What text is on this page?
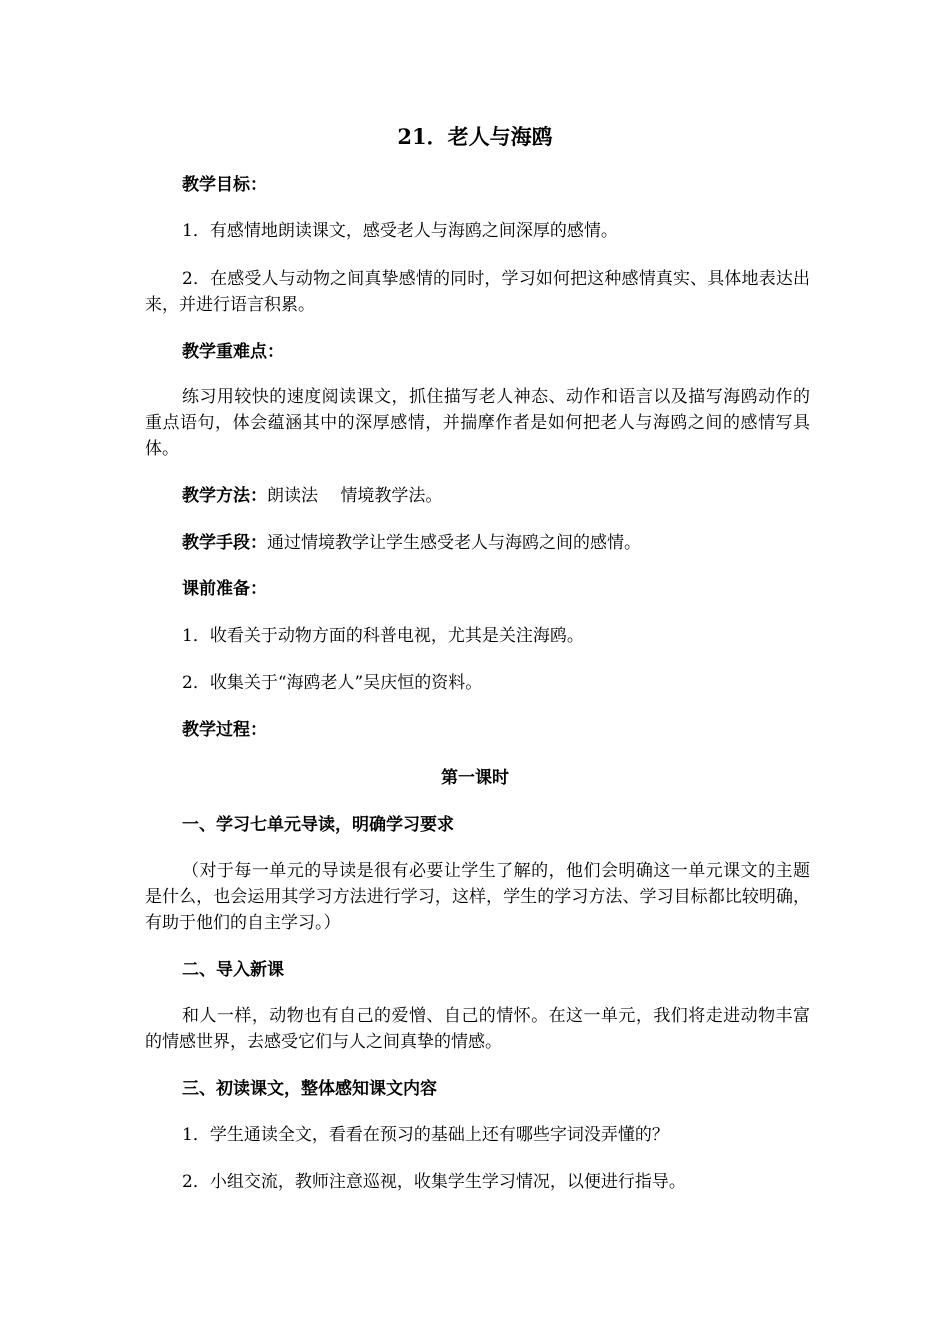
21．老人与海鸥
教学目标：
1．有感情地朗读课文，感受老人与海鸥之间深厚的感情。
2．在感受人与动物之间真挚感情的同时，学习如何把这种感情真实、具体地表达出来，并进行语言积累。
教学重难点：
练习用较快的速度阅读课文，抓住描写老人神态、动作和语言以及描写海鸥动作的重点语句，体会蕴涵其中的深厚感情，并揣摩作者是如何把老人与海鸥之间的感情写具体。
教学方法：朗读法　 情境教学法。
教学手段：通过情境教学让学生感受老人与海鸥之间的感情。
课前准备：
1．收看关于动物方面的科普电视，尤其是关注海鸥。
2．收集关于“海鸥老人”吴庆恒的资料。
教学过程：
第一课时
一、学习七单元导读，明确学习要求
（对于每一单元的导读是很有必要让学生了解的，他们会明确这一单元课文的主题是什么，也会运用其学习方法进行学习，这样，学生的学习方法、学习目标都比较明确，有助于他们的自主学习。）
二、导入新课
和人一样，动物也有自己的爱憎、自己的情怀。在这一单元，我们将走进动物丰富的情感世界，去感受它们与人之间真挚的情感。
三、初读课文，整体感知课文内容
1．学生通读全文，看看在预习的基础上还有哪些字词没弄懂的？
2．小组交流，教师注意巡视，收集学生学习情况，以便进行指导。
